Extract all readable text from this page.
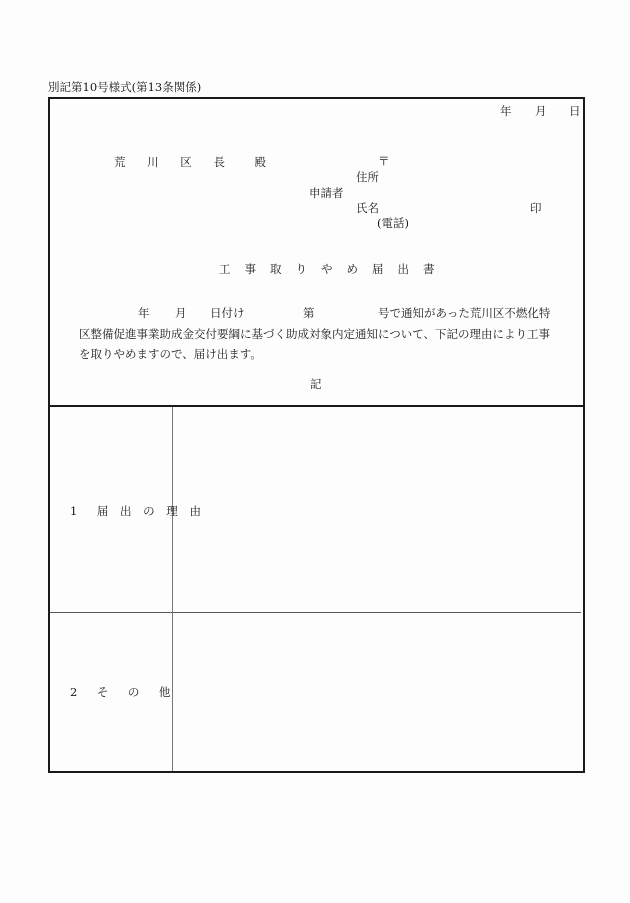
別記第10号様式(第13条関係)
年 月 日
荒 川 区 長　殿	〒
住所
申請者
氏名	印
(電話)
工事取りやめ届出書
年 月 日付け	第	号で通知があった荒川区不燃化特
区整備促進事業助成金交付要綱に基づく助成対象内定通知について、下記の理由により工事
を取りやめますので、届け出ます。
記
1　届 出 の 理 由
2　そ　の　他
